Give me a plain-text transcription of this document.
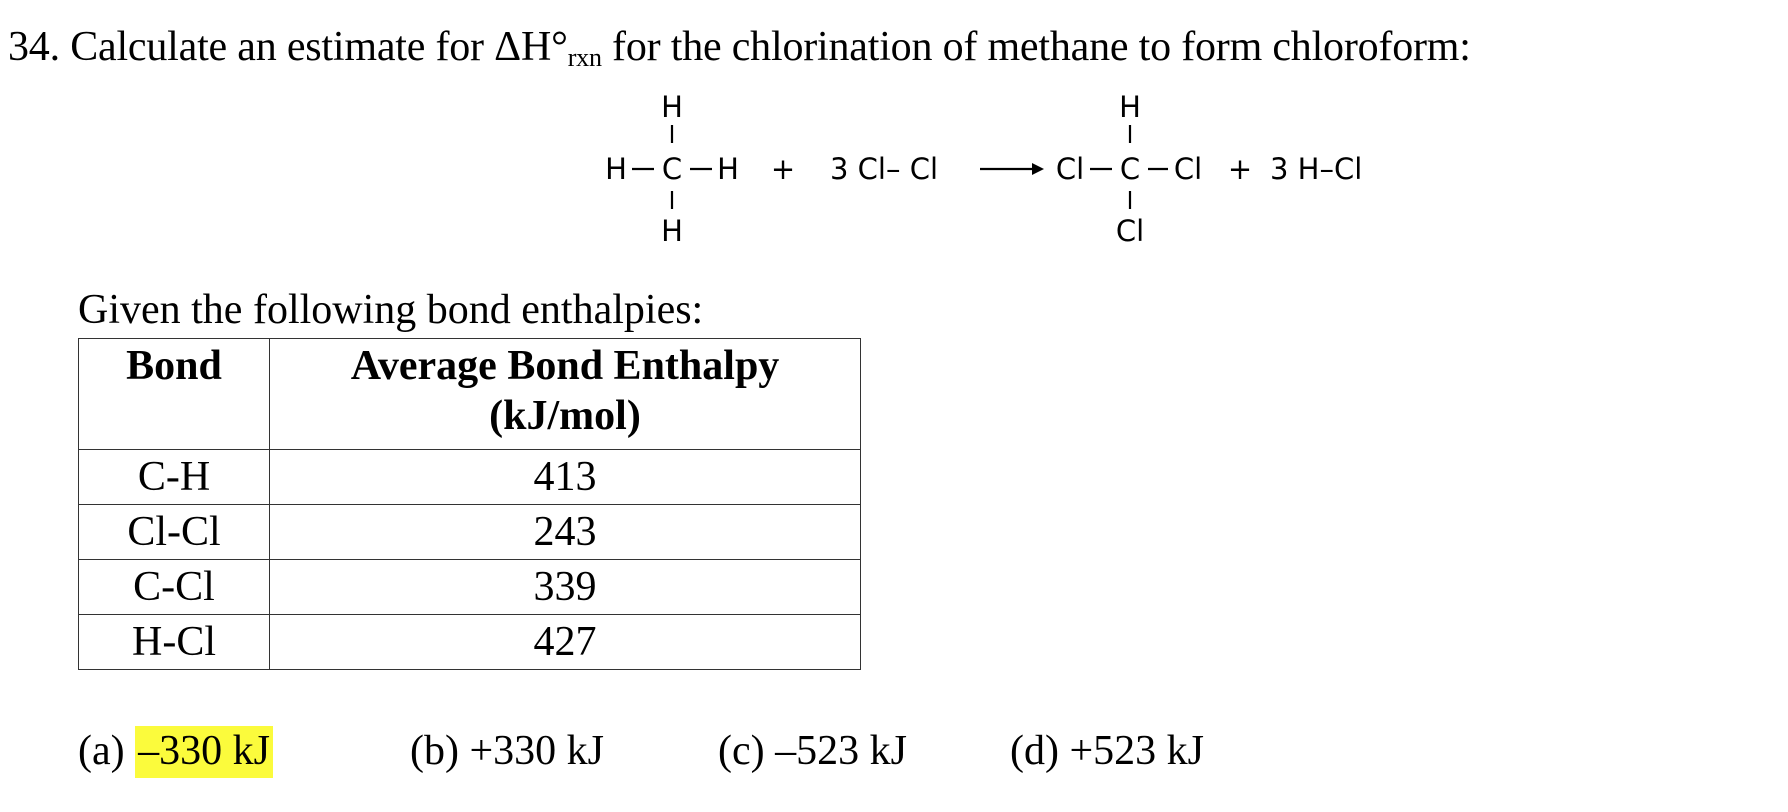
34. Calculate an estimate for $\Delta H^\circ_{rxn}$ for the chlorination of methane to form chloroform:
H
H C H
H
+ 3 Cl– Cl
H
Cl C Cl
Cl
+ 3 H–Cl
Given the following bond enthalpies:
Bond	Average Bond Enthalpy
(kJ/mol)
C-H	413
Cl-Cl	243
C-Cl	339
H-Cl	427
(a) –330 kJ	(b) +330 kJ	(c) –523 kJ (d) +523 kJ
